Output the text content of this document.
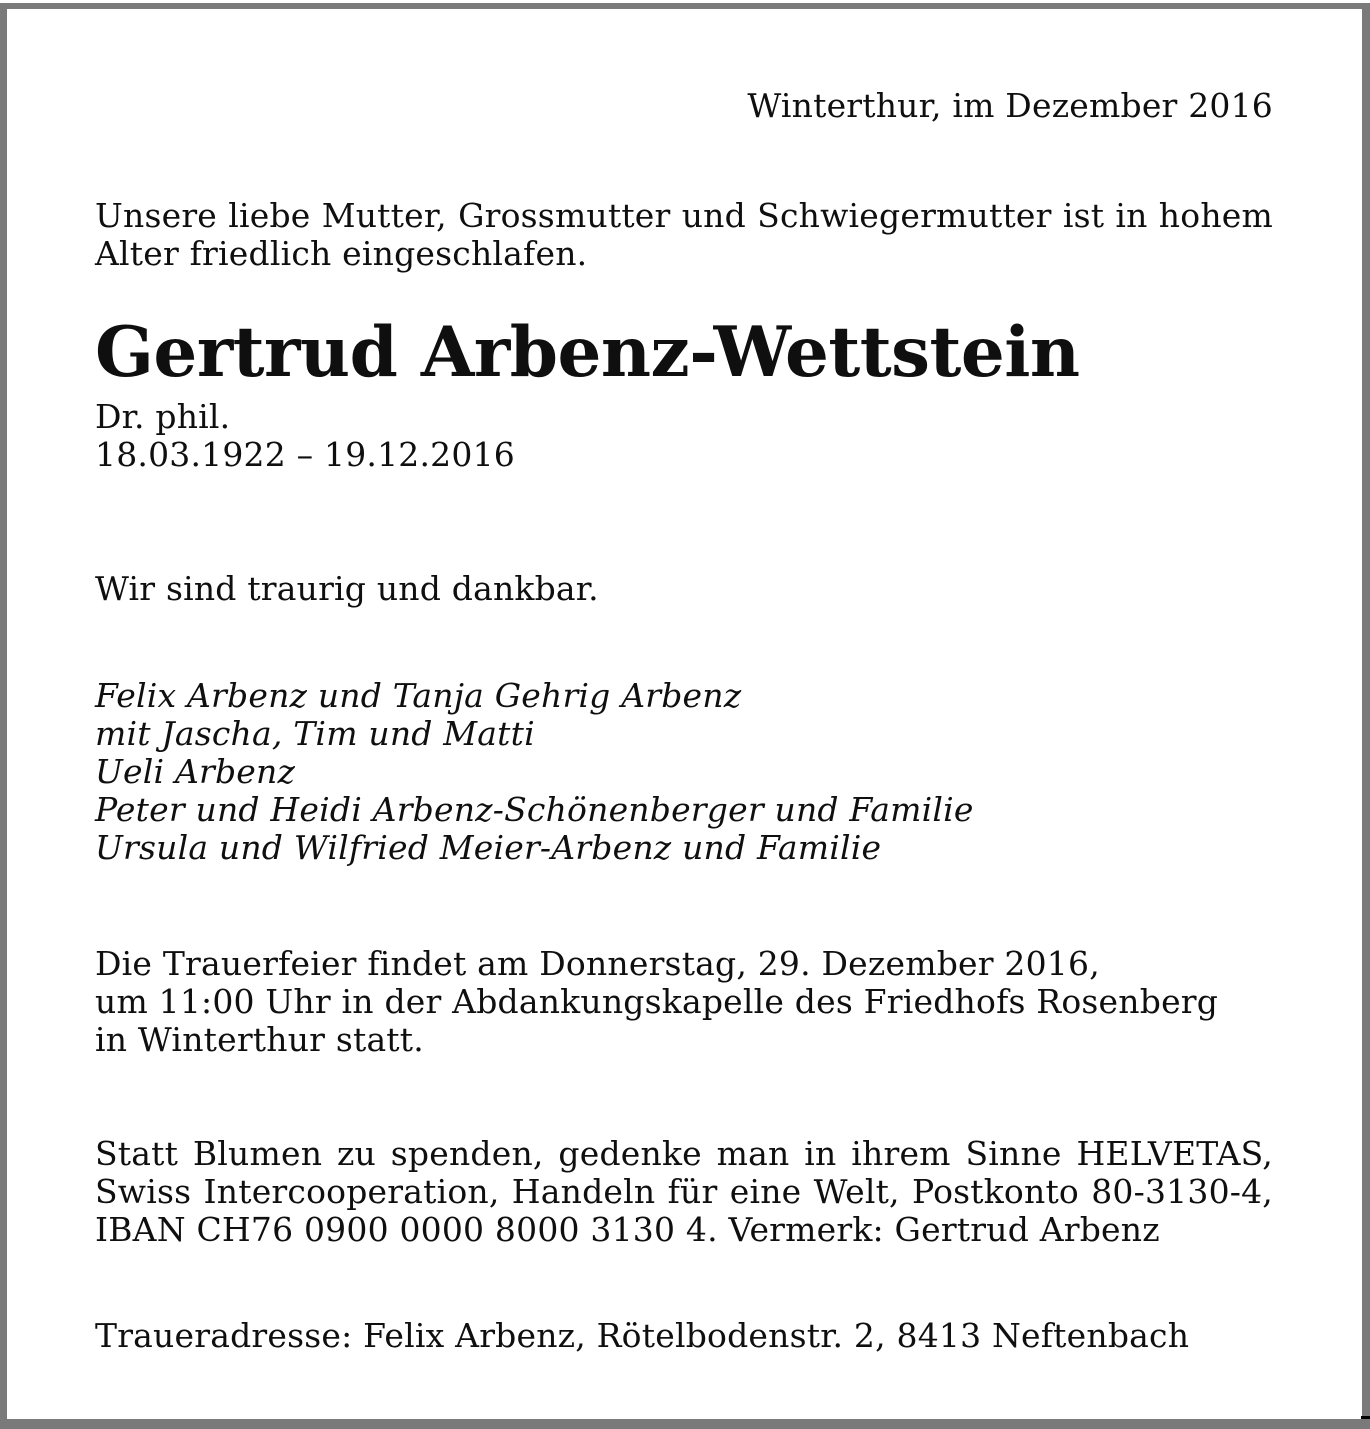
Winterthur, im Dezember 2016
Unsere liebe Mutter, Grossmutter und Schwiegermutter ist in hohem
Alter friedlich eingeschlafen.
Gertrud Arbenz-Wettstein
Dr. phil.
18.03.1922 – 19.12.2016
Wir sind traurig und dankbar.
Felix Arbenz und Tanja Gehrig Arbenz
mit Jascha, Tim und Matti
Ueli Arbenz
Peter und Heidi Arbenz-Schönenberger und Familie
Ursula und Wilfried Meier-Arbenz und Familie
Die Trauerfeier findet am Donnerstag, 29. Dezember 2016,
um 11:00 Uhr in der Abdankungskapelle des Friedhofs Rosenberg
in Winterthur statt.
Statt Blumen zu spenden, gedenke man in ihrem Sinne HELVETAS,
Swiss Intercooperation, Handeln für eine Welt, Postkonto 80-3130-4,
IBAN CH76 0900 0000 8000 3130 4. Vermerk: Gertrud Arbenz
Traueradresse: Felix Arbenz, Rötelbodenstr. 2, 8413 Neftenbach
